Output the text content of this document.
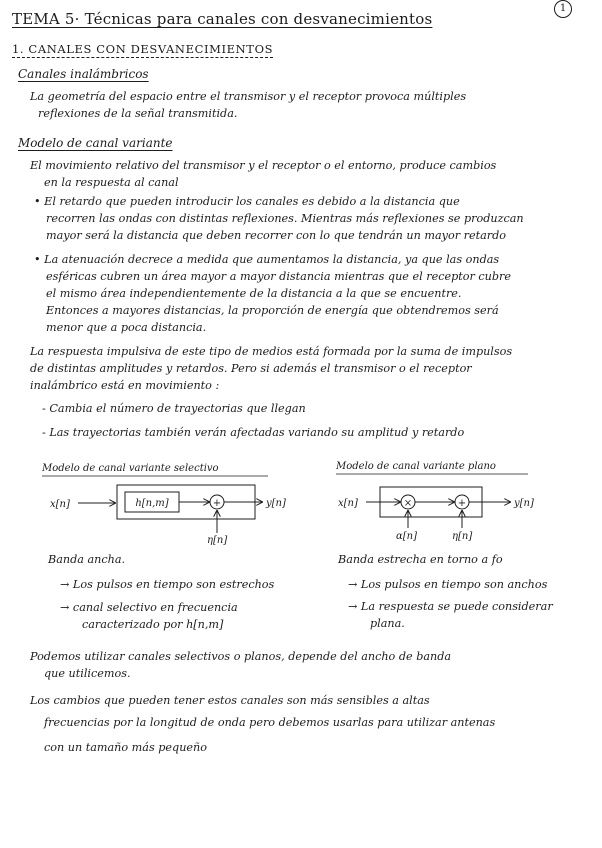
1
TEMA 5· Técnicas para canales con desvanecimientos
1. CANALES CON DESVANECIMIENTOS
Canales inalámbricos
La geometría del espacio entre el transmisor y el receptor provoca múltiples
reflexiones de la señal transmitida.
Modelo de canal variante
El movimiento relativo del transmisor y el receptor o el entorno, produce cambios
en la respuesta al canal
• El retardo que pueden introducir los canales es debido a la distancia que
recorren las ondas con distintas reflexiones. Mientras más reflexiones se produzcan
mayor será la distancia que deben recorrer con lo que tendrán un mayor retardo
• La atenuación decrece a medida que aumentamos la distancia, ya que las ondas
esféricas cubren un área mayor a mayor distancia mientras que el receptor cubre
el mismo área independientemente de la distancia a la que se encuentre.
Entonces a mayores distancias, la proporción de energía que obtendremos será
menor que a poca distancia.
La respuesta impulsiva de este tipo de medios está formada por la suma de impulsos
de distintas amplitudes y retardos. Pero si además el transmisor o el receptor
inalámbrico está en movimiento :
- Cambia el número de trayectorias que llegan
- Las trayectorias también verán afectadas variando su amplitud y retardo
Modelo de canal variante selectivo
x[n]	h[n,m]	+
η[n]
y[n]
Modelo de canal variante plano
x[n]	×	+
α[n]	η[n]
y[n]
Banda ancha.
→ Los pulsos en tiempo son estrechos
→ canal selectivo en frecuencia
caracterizado por h[n,m]
Banda estrecha en torno a fo
→ Los pulsos en tiempo son anchos
→ La respuesta se puede considerar
plana.
Podemos utilizar canales selectivos o planos, depende del ancho de banda
que utilicemos.
Los cambios que pueden tener estos canales son más sensibles a altas
frecuencias por la longitud de onda pero debemos usarlas para utilizar antenas
con un tamaño más pequeño
